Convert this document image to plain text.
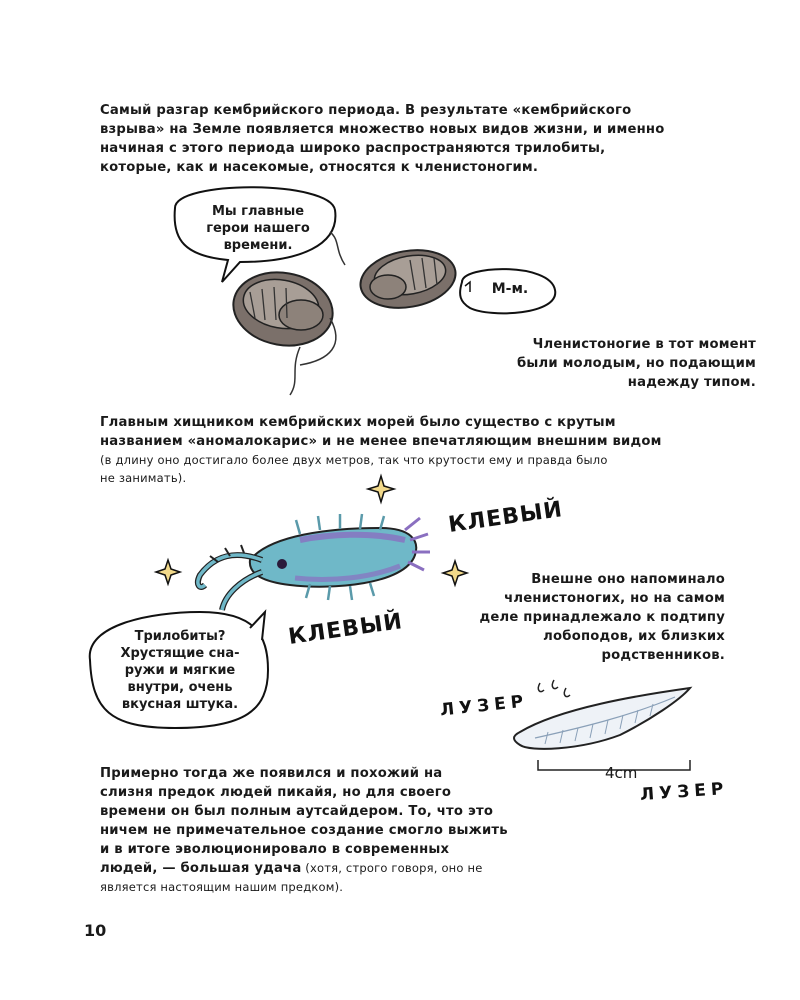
Самый разгар кембрийского периода. В результате «кембрийского
взрыва» на Земле появляется множество новых видов жизни, и именно
начиная с этого периода широко распространяются трилобиты,
которые, как и насекомые, относятся к членистоногим.
Мы главные
герои нашего
времени.
М-м.
Членистоногие в тот момент
были молодым, но подающим
надежду типом.
Главным хищником кембрийских морей было существо с крутым
названием «аномалокарис» и не менее впечатляющим внешним видом
(в длину оно достигало более двух метров, так что крутости ему и правда было
не занимать).
КЛЕВЫЙ
КЛЕВЫЙ
ЛУЗЕР
ЛУЗЕР
Внешне оно напоминало
членистоногих, но на самом
деле принадлежало к подтипу
лобоподов, их близких
родственников.
Трилобиты?
Хрустящие сна-
ружи и мягкие
внутри, очень
вкусная штука.
4cm
Примерно тогда же появился и похожий на
слизня предок людей пикайя, но для своего
времени он был полным аутсайдером. То, что это
ничем не примечательное создание смогло выжить
и в итоге эволюционировало в современных
людей, — большая удача (хотя, строго говоря, оно не
является настоящим нашим предком).
10
